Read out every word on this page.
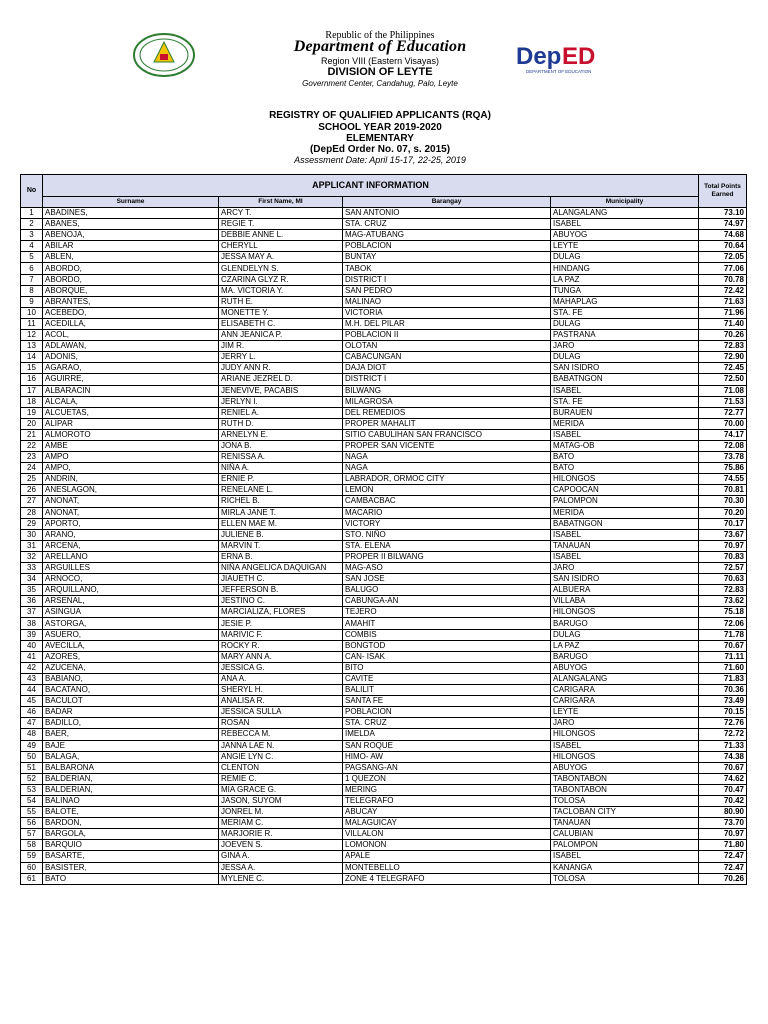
Republic of the Philippines
Department of Education
Region VIII (Eastern Visayas)
DIVISION OF LEYTE
Government Center, Candahug, Palo, Leyte
Dep ED
DEPARTMENT OF EDUCATION
REGISTRY OF QUALIFIED APPLICANTS (RQA)
SCHOOL YEAR 2019-2020
ELEMENTARY
(DepEd Order No. 07, s. 2015)
Assessment Date: April 15-17, 22-25, 2019
No	APPLICANT INFORMATION				Total Points Earned
	Surname	First Name, MI	Barangay	Municipality	
1	ABADINES,	ARCY T.	SAN ANTONIO	ALANGALANG	73.10
2	ABANES,	REGIE T.	STA. CRUZ	ISABEL	74.97
3	ABENOJA,	DEBBIE ANNE L.	MAG-ATUBANG	ABUYOG	74.68
4	ABILAR	CHERYLL	POBLACION	LEYTE	70.64
5	ABLEN,	JESSA MAY A.	BUNTAY	DULAG	72.05
6	ABORDO,	GLENDELYN S.	TABOK	HINDANG	77.06
7	ABORDO,	CZARINA GLYZ R.	DISTRICT I	LA PAZ	70.78
8	ABORQUE,	MA. VICTORIA Y.	SAN PEDRO	TUNGA	72.42
9	ABRANTES,	RUTH E.	MALINAO	MAHAPLAG	71.63
10	ACEBEDO,	MONETTE Y.	VICTORIA	STA. FE	71.96
11	ACEDILLA,	ELISABETH C.	M.H. DEL PILAR	DULAG	71.40
12	ACOL,	ANN JEANICA P.	POBLACION II	PASTRANA	70.26
13	ADLAWAN,	JIM R.	OLOTAN	JARO	72.83
14	ADONIS,	JERRY L.	CABACUNGAN	DULAG	72.90
15	AGARAO,	JUDY ANN R.	DAJA DIOT	SAN ISIDRO	72.45
16	AGUIRRE,	ARIANE JEZREL D.	DISTRICT I	BABATNGON	72.50
17	ALBARACIN	JENEVIVE, PACABIS	BILWANG	ISABEL	71.08
18	ALCALA,	JERLYN I.	MILAGROSA	STA. FE	71.53
19	ALCUETAS,	RENIEL A.	DEL REMEDIOS	BURAUEN	72.77
20	ALIPAR	RUTH D.	PROPER MAHALIT	MERIDA	70.00
21	ALMOROTO	ARNELYN E.	SITIO CABULIHAN SAN FRANCISCO	ISABEL	74.17
22	AMBE	JONA B.	PROPER SAN VICENTE	MATAG-OB	72.08
23	AMPO	RENISSA A.	NAGA	BATO	73.78
24	AMPO,	NIÑA A.	NAGA	BATO	75.86
25	ANDRIN,	ERNIE P.	LABRADOR, ORMOC CITY	HILONGOS	74.55
26	ANESLAGON,	RENELANE L.	LEMON	CAPOOCAN	70.81
27	ANONAT,	RICHEL B.	CAMBACBAC	PALOMPON	70.30
28	ANONAT,	MIRLA JANE T.	MACARIO	MERIDA	70.20
29	APORTO,	ELLEN MAE M.	VICTORY	BABATNGON	70.17
30	ARANO,	JULIENE B.	STO. NIÑO	ISABEL	73.67
31	ARCENA,	MARVIN T.	STA. ELENA	TANAUAN	70.97
32	ARELLANO	ERNA B.	PROPER II BILWANG	ISABEL	70.83
33	ARGUILLES	NIÑA ANGELICA DAQUIGAN	MAG-ASO	JARO	72.57
34	ARNOCO,	JIAUETH C.	SAN JOSE	SAN ISIDRO	70.63
35	ARQUILLANO,	JEFFERSON B.	BALUGO	ALBUERA	72.83
36	ARSENAL,	JESTINO C.	CABUNGA-AN	VILLABA	73.62
37	ASINGUA	MARCIALIZA, FLORES	TEJERO	HILONGOS	75.18
38	ASTORGA,	JESIE P.	AMAHIT	BARUGO	72.06
39	ASUERO,	MARIVIC F.	COMBIS	DULAG	71.78
40	AVECILLA,	ROCKY R.	BONGTOD	LA PAZ	70.67
41	AZORES,	MARY ANN A.	CAN- ISAK	BARUGO	71.11
42	AZUCENA,	JESSICA G.	BITO	ABUYOG	71.60
43	BABIANO,	ANA A.	CAVITE	ALANGALANG	71.83
44	BACATANO,	SHERYL H.	BALILIT	CARIGARA	70.36
45	BACULOT	ANALISA R.	SANTA FE	CARIGARA	73.49
46	BADAR	JESSICA SULLA	POBLACION	LEYTE	70.15
47	BADILLO,	ROSAN	STA. CRUZ	JARO	72.76
48	BAER,	REBECCA M.	IMELDA	HILONGOS	72.72
49	BAJE	JANNA LAE N.	SAN ROQUE	ISABEL	71.33
50	BALAGA,	ANGIE LYN C.	HIMO- AW	HILONGOS	74.38
51	BALBARONA	CLENTON	PAGSANG-AN	ABUYOG	70.67
52	BALDERIAN,	REMIE C.	1 QUEZON	TABONTABON	74.62
53	BALDERIAN,	MIA GRACE G.	MERING	TABONTABON	70.47
54	BALINAO	JASON, SUYOM	TELEGRAFO	TOLOSA	70.42
55	BALOTE,	JONREL M.	ABUCAY	TACLOBAN CITY	80.90
56	BARDON,	MERIAM C.	MALAGUICAY	TANAUAN	73.70
57	BARGOLA,	MARJORIE R.	VILLALON	CALUBIAN	70.97
58	BARQUIO	JOEVEN S.	LOMONON	PALOMPON	71.80
59	BASARTE,	GINA A.	APALE	ISABEL	72.47
60	BASISTER,	JESSA A.	MONTEBELLO	KANANGA	72.47
61	BATO	MYLENE C.	ZONE 4 TELEGRAFO	TOLOSA	70.26
